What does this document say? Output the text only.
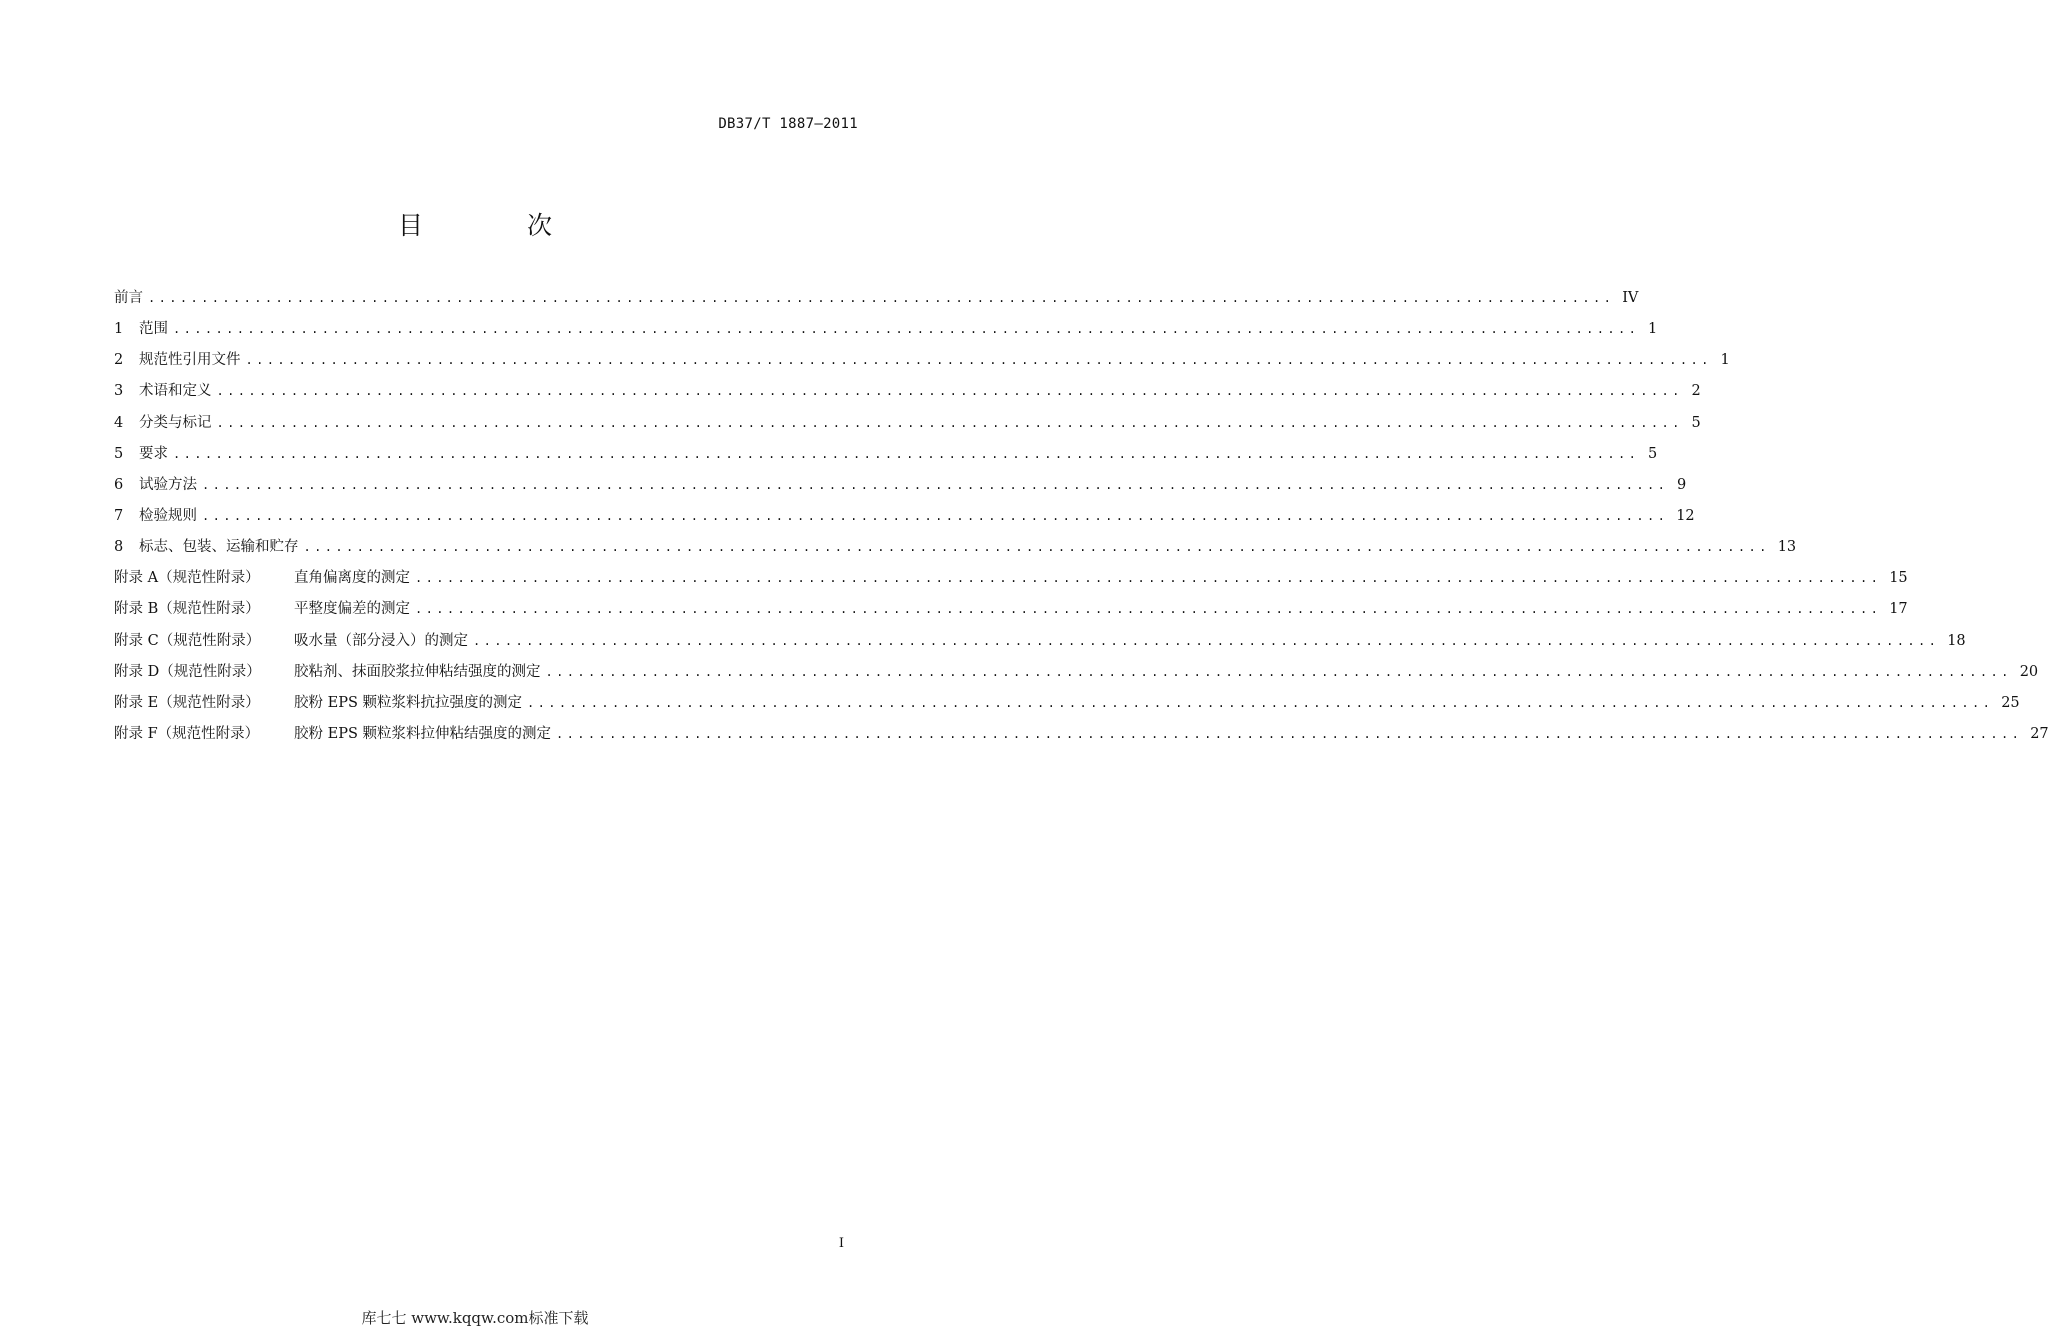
DB37/T 1887—2011
目 次
前言 .......................................................................................................................................... IV
1	范围 .......................................................................................................................................... 1
2	规范性引用文件 .......................................................................................................................................... 1
3	术语和定义 .......................................................................................................................................... 2
4	分类与标记 .......................................................................................................................................... 5
5	要求 .......................................................................................................................................... 5
6	试验方法 .......................................................................................................................................... 9
7	检验规则 .......................................................................................................................................... 12
8	标志、包装、运输和贮存 .......................................................................................................................................... 13
附录 A（规范性附录）	直角偏离度的测定 .......................................................................................................................................... 15
附录 B（规范性附录）	平整度偏差的测定 .......................................................................................................................................... 17
附录 C（规范性附录）	吸水量（部分浸入）的测定 .......................................................................................................................................... 18
附录 D（规范性附录）	胶粘剂、抹面胶浆拉伸粘结强度的测定 .......................................................................................................................................... 20
附录 E（规范性附录）	胶粉 EPS 颗粒浆料抗拉强度的测定 .......................................................................................................................................... 25
附录 F（规范性附录）	胶粉 EPS 颗粒浆料拉伸粘结强度的测定 .......................................................................................................................................... 27
I
库七七 www.kqqw.com标准下载
